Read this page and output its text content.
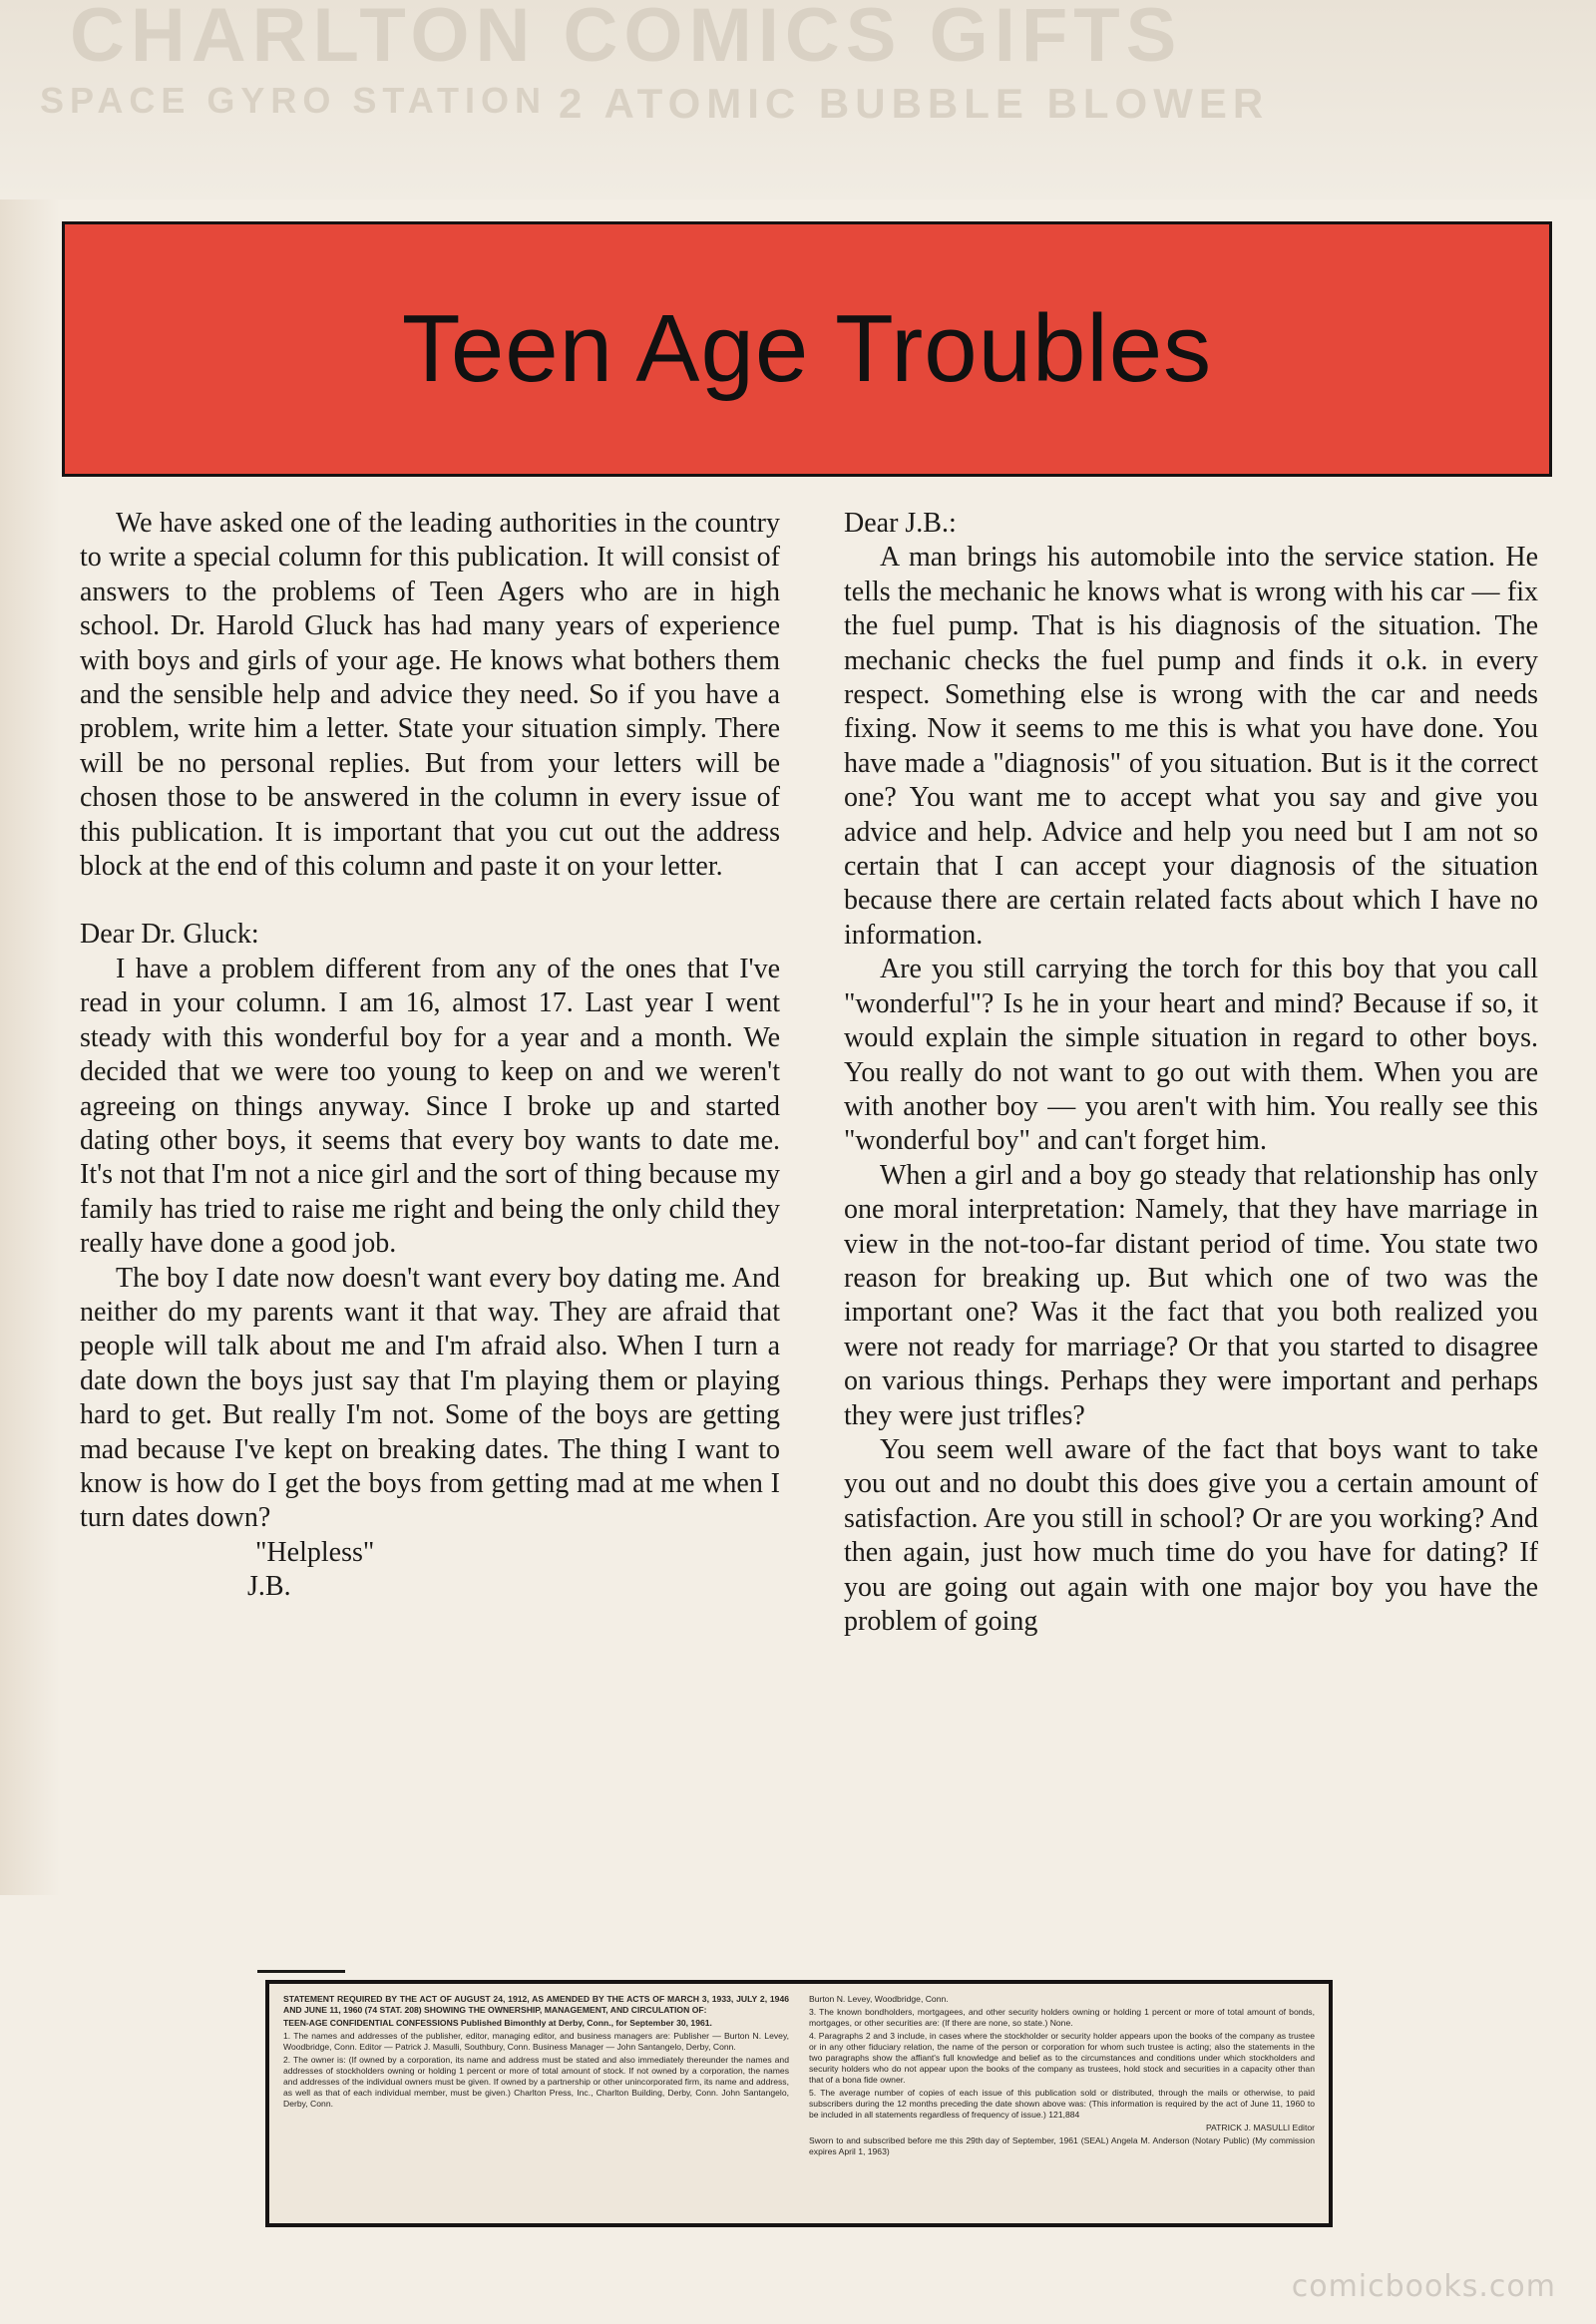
CHARLTON COMICS GIFTS
2 ATOMIC BUBBLE BLOWER
SPACE GYRO STATION
Teen Age Troubles

We have asked one of the leading authorities in the country to write a special column for this publication. It will consist of answers to the problems of Teen Agers who are in high school. Dr. Harold Gluck has had many years of experience with boys and girls of your age. He knows what bothers them and the sensible help and advice they need. So if you have a problem, write him a letter. State your situation simply. There will be no personal replies. But from your letters will be chosen those to be answered in the column in every issue of this publication. It is important that you cut out the address block at the end of this column and paste it on your letter.

Dear Dr. Gluck:

I have a problem different from any of the ones that I've read in your column. I am 16, almost 17. Last year I went steady with this wonderful boy for a year and a month. We decided that we were too young to keep on and we weren't agreeing on things anyway. Since I broke up and started dating other boys, it seems that every boy wants to date me. It's not that I'm not a nice girl and the sort of thing because my family has tried to raise me right and being the only child they really have done a good job.

The boy I date now doesn't want every boy dating me. And neither do my parents want it that way. They are afraid that people will talk about me and I'm afraid also. When I turn a date down the boys just say that I'm playing them or playing hard to get. But really I'm not. Some of the boys are getting mad because I've kept on breaking dates. The thing I want to know is how do I get the boys from getting mad at me when I turn dates down?

"Helpless"
J.B.

Dear J.B.:

A man brings his automobile into the service station. He tells the mechanic he knows what is wrong with his car — fix the fuel pump. That is his diagnosis of the situation. The mechanic checks the fuel pump and finds it o.k. in every respect. Something else is wrong with the car and needs fixing. Now it seems to me this is what you have done. You have made a "diagnosis" of you situation. But is it the correct one? You want me to accept what you say and give you advice and help. Advice and help you need but I am not so certain that I can accept your diagnosis of the situation because there are certain related facts about which I have no information.

Are you still carrying the torch for this boy that you call "wonderful"? Is he in your heart and mind? Because if so, it would explain the simple situation in regard to other boys. You really do not want to go out with them. When you are with another boy — you aren't with him. You really see this "wonderful boy" and can't forget him.

When a girl and a boy go steady that relationship has only one moral interpretation: Namely, that they have marriage in view in the not-too-far distant period of time. You state two reason for breaking up. But which one of two was the important one? Was it the fact that you both realized you were not ready for marriage? Or that you started to disagree on various things. Perhaps they were important and perhaps they were just trifles?

You seem well aware of the fact that boys want to take you out and no doubt this does give you a certain amount of satisfaction. Are you still in school? Or are you working? And then again, just how much time do you have for dating? If you are going out again with one major boy you have the problem of going

STATEMENT REQUIRED BY THE ACT OF AUGUST 24, 1912, AS AMENDED BY THE ACTS OF MARCH 3, 1933, JULY 2, 1946 AND JUNE 11, 1960 (74 STAT. 208) SHOWING THE OWNERSHIP, MANAGEMENT, AND CIRCULATION OF:

TEEN-AGE CONFIDENTIAL CONFESSIONS Published Bimonthly at Derby, Conn., for September 30, 1961.

1. The names and addresses of the publisher, editor, managing editor, and business managers are: Publisher — Burton N. Levey, Woodbridge, Conn. Editor — Patrick J. Masulli, Southbury, Conn. Business Manager — John Santangelo, Derby, Conn.

2. The owner is: (If owned by a corporation, its name and address must be stated and also immediately thereunder the names and addresses of stockholders owning or holding 1 percent or more of total amount of stock. If not owned by a corporation, the names and addresses of the individual owners must be given. If owned by a partnership or other unincorporated firm, its name and address, as well as that of each individual member, must be given.) Charlton Press, Inc., Charlton Building, Derby, Conn. John Santangelo, Derby, Conn.

Burton N. Levey, Woodbridge, Conn.

3. The known bondholders, mortgagees, and other security holders owning or holding 1 percent or more of total amount of bonds, mortgages, or other securities are: (If there are none, so state.) None.

4. Paragraphs 2 and 3 include, in cases where the stockholder or security holder appears upon the books of the company as trustee or in any other fiduciary relation, the name of the person or corporation for whom such trustee is acting; also the statements in the two paragraphs show the affiant's full knowledge and belief as to the circumstances and conditions under which stockholders and security holders who do not appear upon the books of the company as trustees, hold stock and securities in a capacity other than that of a bona fide owner.

5. The average number of copies of each issue of this publication sold or distributed, through the mails or otherwise, to paid subscribers during the 12 months preceding the date shown above was: (This information is required by the act of June 11, 1960 to be included in all statements regardless of frequency of issue.) 121,884

PATRICK J. MASULLI Editor

Sworn to and subscribed before me this 29th day of September, 1961 (SEAL) Angela M. Anderson (Notary Public) (My commission expires April 1, 1963)

comicbooks.com
